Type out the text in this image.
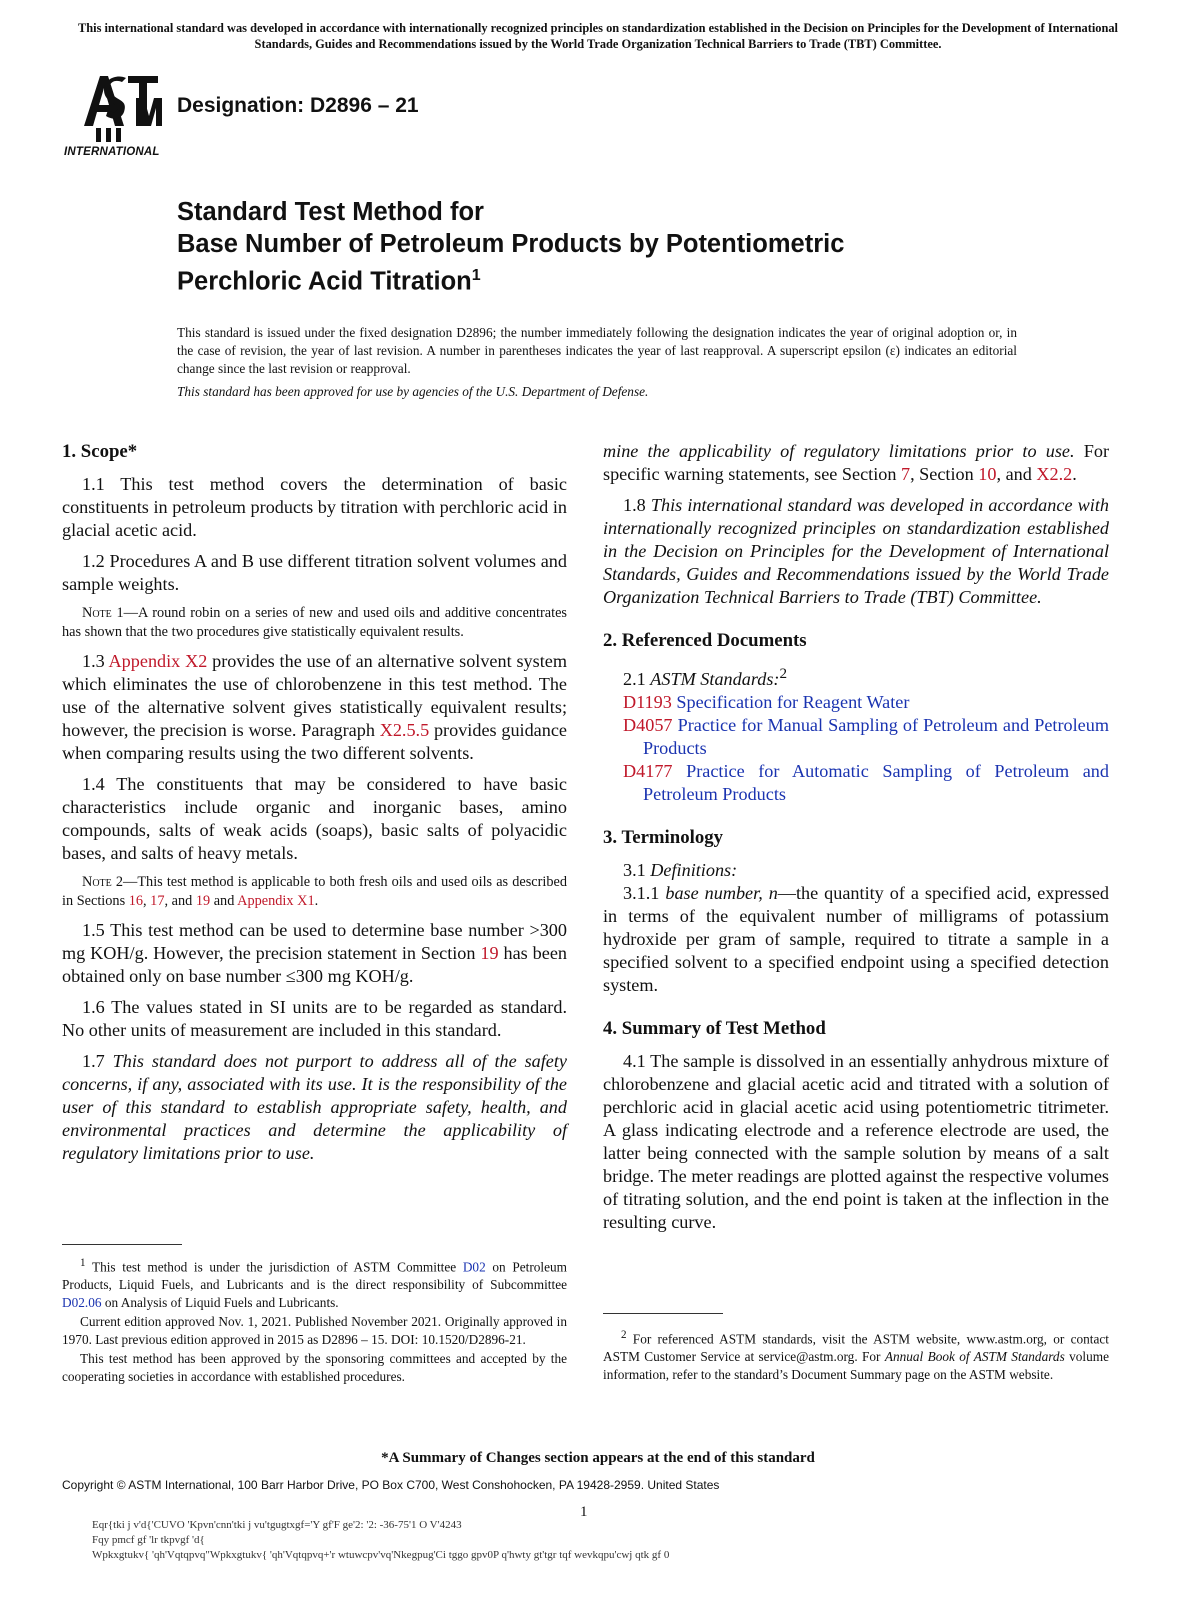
This international standard was developed in accordance with internationally recognized principles on standardization established in the Decision on Principles for the Development of International Standards, Guides and Recommendations issued by the World Trade Organization Technical Barriers to Trade (TBT) Committee.
INTERNATIONAL
Designation: D2896 – 21
Standard Test Method for
Base Number of Petroleum Products by Potentiometric
Perchloric Acid Titration$^1$
This standard is issued under the fixed designation D2896; the number immediately following the designation indicates the year of original adoption or, in the case of revision, the year of last revision. A number in parentheses indicates the year of last reapproval. A superscript epsilon (ε) indicates an editorial change since the last revision or reapproval.
This standard has been approved for use by agencies of the U.S. Department of Defense.
1. Scope*
1.1 This test method covers the determination of basic constituents in petroleum products by titration with perchloric acid in glacial acetic acid.
1.2 Procedures A and B use different titration solvent volumes and sample weights.
Note 1—A round robin on a series of new and used oils and additive concentrates has shown that the two procedures give statistically equivalent results.
1.3 Appendix X2 provides the use of an alternative solvent system which eliminates the use of chlorobenzene in this test method. The use of the alternative solvent gives statistically equivalent results; however, the precision is worse. Paragraph X2.5.5 provides guidance when comparing results using the two different solvents.
1.4 The constituents that may be considered to have basic characteristics include organic and inorganic bases, amino compounds, salts of weak acids (soaps), basic salts of polyacidic bases, and salts of heavy metals.
Note 2—This test method is applicable to both fresh oils and used oils as described in Sections 16, 17, and 19 and Appendix X1.
1.5 This test method can be used to determine base number >300 mg KOH/g. However, the precision statement in Section 19 has been obtained only on base number ≤300 mg KOH/g.
1.6 The values stated in SI units are to be regarded as standard. No other units of measurement are included in this standard.
1.7 This standard does not purport to address all of the safety concerns, if any, associated with its use. It is the responsibility of the user of this standard to establish appropriate safety, health, and environmental practices and determine the applicability of regulatory limitations prior to use.

$^1$ This test method is under the jurisdiction of ASTM Committee D02 on Petroleum Products, Liquid Fuels, and Lubricants and is the direct responsibility of Subcommittee D02.06 on Analysis of Liquid Fuels and Lubricants.

Current edition approved Nov. 1, 2021. Published November 2021. Originally approved in 1970. Last previous edition approved in 2015 as D2896 – 15. DOI: 10.1520/D2896-21.

This test method has been approved by the sponsoring committees and accepted by the cooperating societies in accordance with established procedures.

mine the applicability of regulatory limitations prior to use. For specific warning statements, see Section 7, Section 10, and X2.2.
1.8 This international standard was developed in accordance with internationally recognized principles on standardization established in the Decision on Principles for the Development of International Standards, Guides and Recommendations issued by the World Trade Organization Technical Barriers to Trade (TBT) Committee.
2. Referenced Documents
2.1 ASTM Standards:$^2$
D1193 Specification for Reagent Water
D4057 Practice for Manual Sampling of Petroleum and Petroleum Products
D4177 Practice for Automatic Sampling of Petroleum and Petroleum Products
3. Terminology
3.1 Definitions:
3.1.1 base number, n—the quantity of a specified acid, expressed in terms of the equivalent number of milligrams of potassium hydroxide per gram of sample, required to titrate a sample in a specified solvent to a specified endpoint using a specified detection system.
4. Summary of Test Method
4.1 The sample is dissolved in an essentially anhydrous mixture of chlorobenzene and glacial acetic acid and titrated with a solution of perchloric acid in glacial acetic acid using potentiometric titrimeter. A glass indicating electrode and a reference electrode are used, the latter being connected with the sample solution by means of a salt bridge. The meter readings are plotted against the respective volumes of titrating solution, and the end point is taken at the inflection in the resulting curve.

$^2$ For referenced ASTM standards, visit the ASTM website, www.astm.org, or contact ASTM Customer Service at service@astm.org. For Annual Book of ASTM Standards volume information, refer to the standard’s Document Summary page on the ASTM website.

*A Summary of Changes section appears at the end of this standard
Copyright © ASTM International, 100 Barr Harbor Drive, PO Box C700, West Conshohocken, PA 19428-2959. United States
1
Eqr{tki j v'd{'CUVO 'Kpvn'cnn'tki j vu'tgugtxgf='Y gf'F ge'2: '2: -36-75'1 O V'4243
Fqy pmcf gf 'lr tkpvgf 'd{
Wpkxgtukv{ 'qh'Vqtqpvq"Wpkxgtukv{ 'qh'Vqtqpvq+'r wtuwcpv'vq'Nkegpug'Ci tggo gpv0P q'hwty gt'tgr tqf wevkqpu'cwj qtk gf 0
